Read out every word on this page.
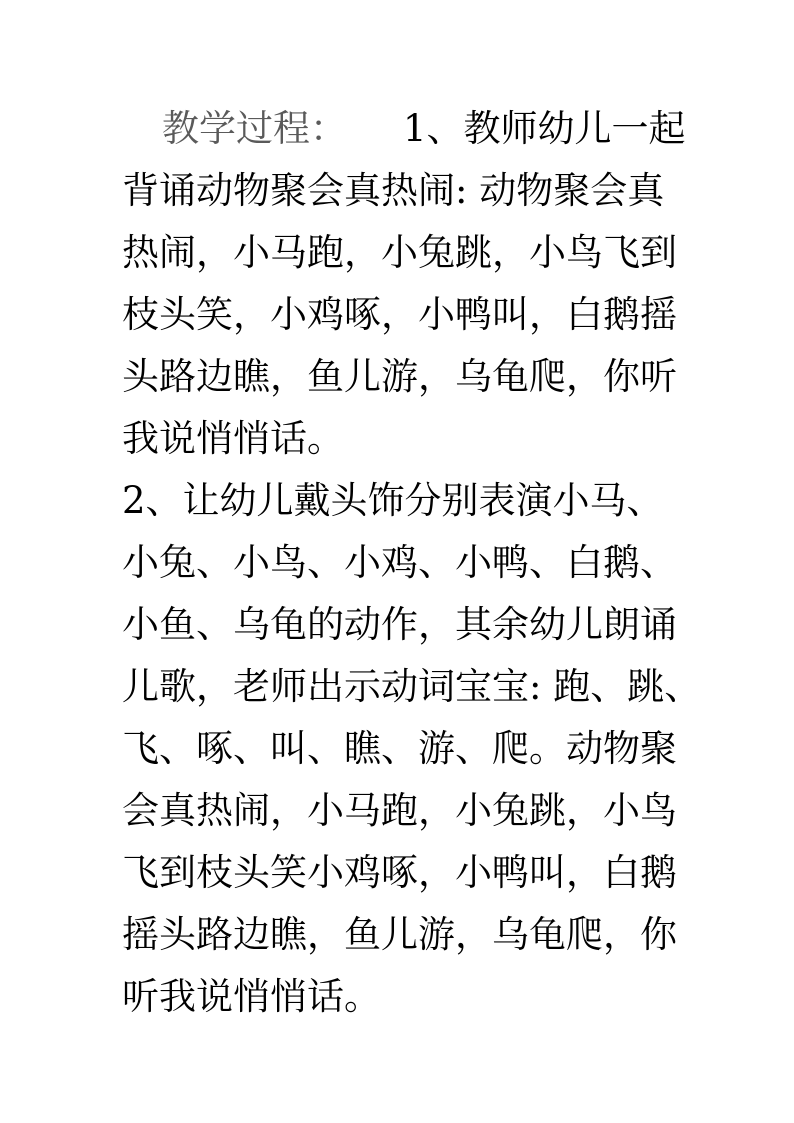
教学过程： 1、教师幼儿一起
背诵动物聚会真热闹: 动物聚会真
热闹，小马跑，小兔跳，小鸟飞到
枝头笑，小鸡啄，小鸭叫，白鹅摇
头路边瞧，鱼儿游，乌龟爬，你听
我说悄悄话。
2、让幼儿戴头饰分别表演小马、
小兔、小鸟、小鸡、小鸭、白鹅、
小鱼、乌龟的动作，其余幼儿朗诵
儿歌，老师出示动词宝宝: 跑、跳、
飞、啄、叫、瞧、游、爬。动物聚
会真热闹，小马跑，小兔跳，小鸟
飞到枝头笑小鸡啄，小鸭叫，白鹅
摇头路边瞧，鱼儿游，乌龟爬，你
听我说悄悄话。
